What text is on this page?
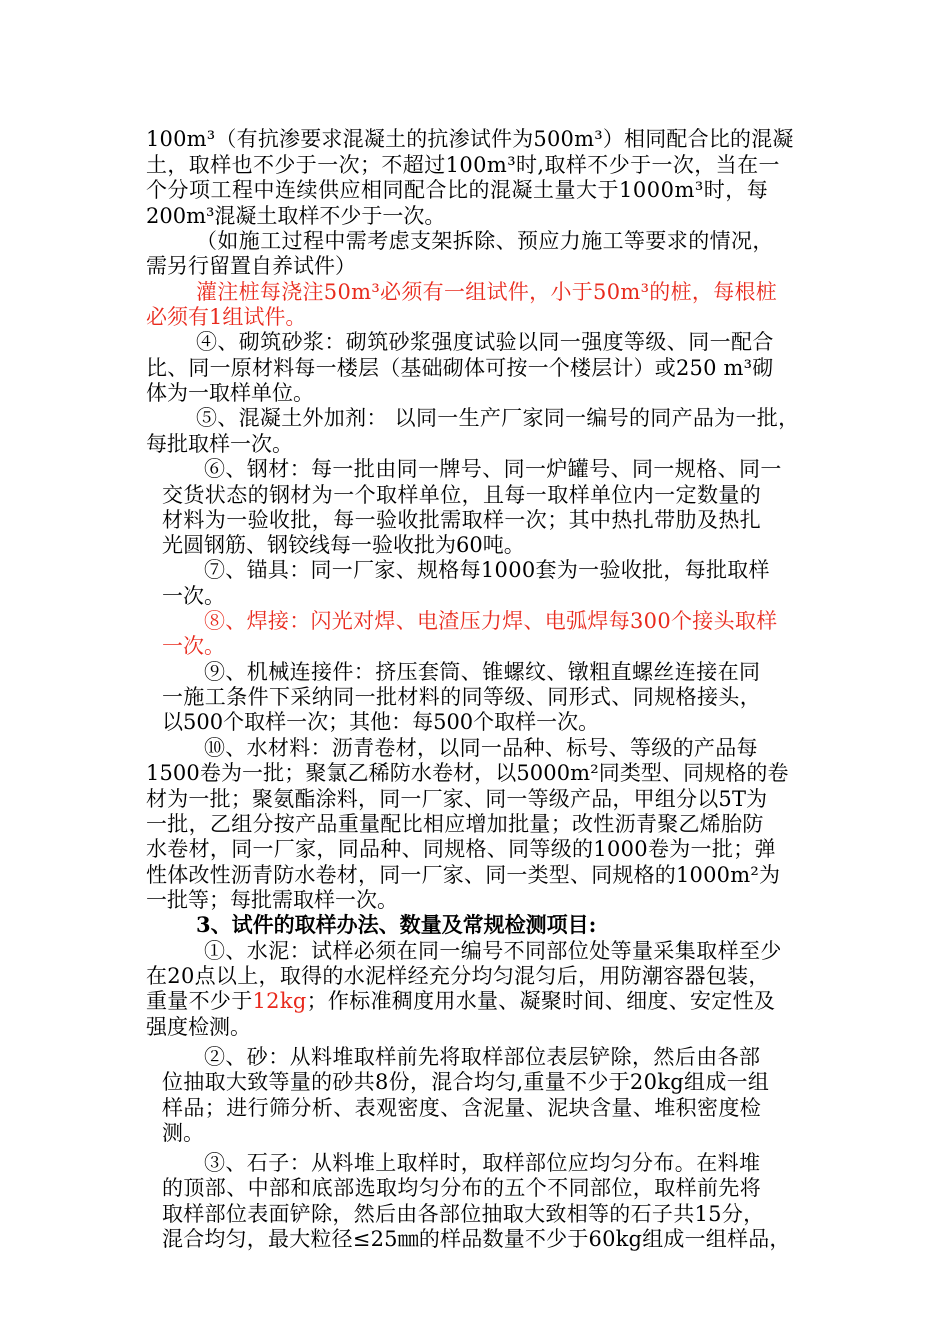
100m³（有抗渗要求混凝土的抗渗试件为500m³）相同配合比的混凝
土，取样也不少于一次；不超过100m³时,取样不少于一次，当在一
个分项工程中连续供应相同配合比的混凝土量大于1000m³时，每
200m³混凝土取样不少于一次。
（如施工过程中需考虑支架拆除、预应力施工等要求的情况，
需另行留置自养试件）
灌注桩每浇注50m³必须有一组试件，小于50m³的桩，每根桩
必须有1组试件。
④、砌筑砂浆：砌筑砂浆强度试验以同一强度等级、同一配合
比、同一原材料每一楼层（基础砌体可按一个楼层计）或250 m³砌
体为一取样单位。
⑤、混凝土外加剂： 以同一生产厂家同一编号的同产品为一批，
每批取样一次。
⑥、钢材：每一批由同一牌号、同一炉罐号、同一规格、同一
交货状态的钢材为一个取样单位，且每一取样单位内一定数量的
材料为一验收批，每一验收批需取样一次；其中热扎带肋及热扎
光圆钢筋、钢铰线每一验收批为60吨。
⑦、锚具：同一厂家、规格每1000套为一验收批，每批取样
一次。
⑧、焊接：闪光对焊、电渣压力焊、电弧焊每300个接头取样
一次。
⑨、机械连接件：挤压套筒、锥螺纹、镦粗直螺丝连接在同
一施工条件下采纳同一批材料的同等级、同形式、同规格接头，
以500个取样一次；其他：每500个取样一次。
⑩、水材料：沥青卷材，以同一品种、标号、等级的产品每
1500卷为一批；聚氯乙稀防水卷材，以5000m²同类型、同规格的卷
材为一批；聚氨酯涂料，同一厂家、同一等级产品，甲组分以5T为
一批，乙组分按产品重量配比相应增加批量；改性沥青聚乙烯胎防
水卷材，同一厂家，同品种、同规格、同等级的1000卷为一批；弹
性体改性沥青防水卷材，同一厂家、同一类型、同规格的1000m²为
一批等；每批需取样一次。
3、试件的取样办法、数量及常规检测项目:
①、水泥：试样必须在同一编号不同部位处等量采集取样至少
在20点以上，取得的水泥样经充分均匀混匀后，用防潮容器包装，
重量不少于12kg；作标准稠度用水量、凝聚时间、细度、安定性及
强度检测。
②、砂：从料堆取样前先将取样部位表层铲除，然后由各部
位抽取大致等量的砂共8份，混合均匀,重量不少于20kg组成一组
样品；进行筛分析、表观密度、含泥量、泥块含量、堆积密度检
测。
③、石子：从料堆上取样时，取样部位应均匀分布。在料堆
的顶部、中部和底部选取均匀分布的五个不同部位，取样前先将
取样部位表面铲除，然后由各部位抽取大致相等的石子共15分，
混合均匀，最大粒径≤25㎜的样品数量不少于60kg组成一组样品，
